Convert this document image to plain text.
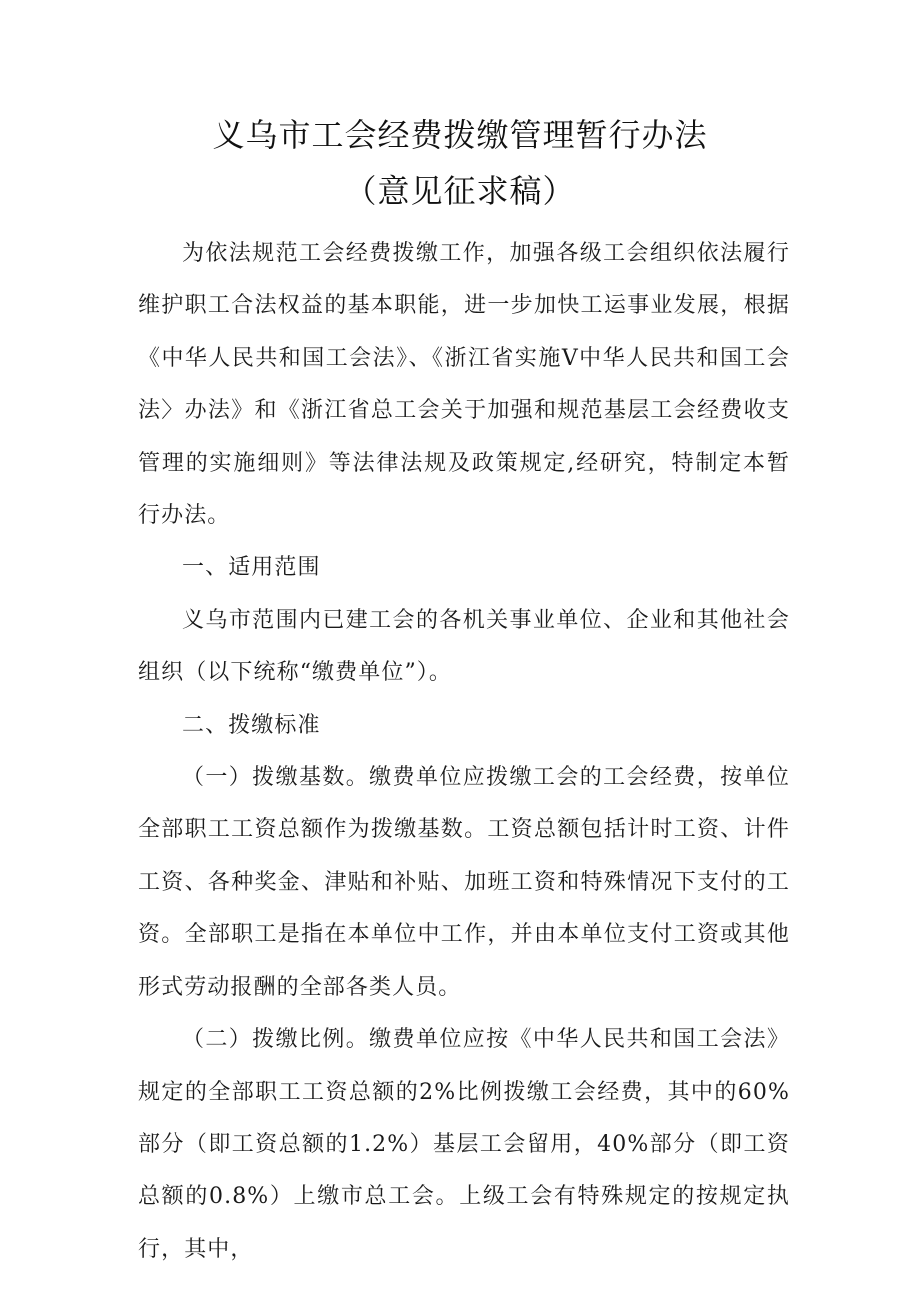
义乌市工会经费拨缴管理暂行办法
（意见征求稿）

为依法规范工会经费拨缴工作，加强各级工会组织依法履行维护职工合法权益的基本职能，进一步加快工运事业发展，根据《中华人民共和国工会法》、《浙江省实施V中华人民共和国工会法〉办法》和《浙江省总工会关于加强和规范基层工会经费收支管理的实施细则》等法律法规及政策规定,经研究，特制定本暂行办法。

一、适用范围

义乌市范围内已建工会的各机关事业单位、企业和其他社会组织（以下统称“缴费单位”）。

二、拨缴标准

（一）拨缴基数。缴费单位应拨缴工会的工会经费，按单位全部职工工资总额作为拨缴基数。工资总额包括计时工资、计件工资、各种奖金、津贴和补贴、加班工资和特殊情况下支付的工资。全部职工是指在本单位中工作，并由本单位支付工资或其他形式劳动报酬的全部各类人员。

（二）拨缴比例。缴费单位应按《中华人民共和国工会法》规定的全部职工工资总额的2%比例拨缴工会经费，其中的60%部分（即工资总额的1.2%）基层工会留用，40%部分（即工资总额的0.8%）上缴市总工会。上级工会有特殊规定的按规定执行，其中，
